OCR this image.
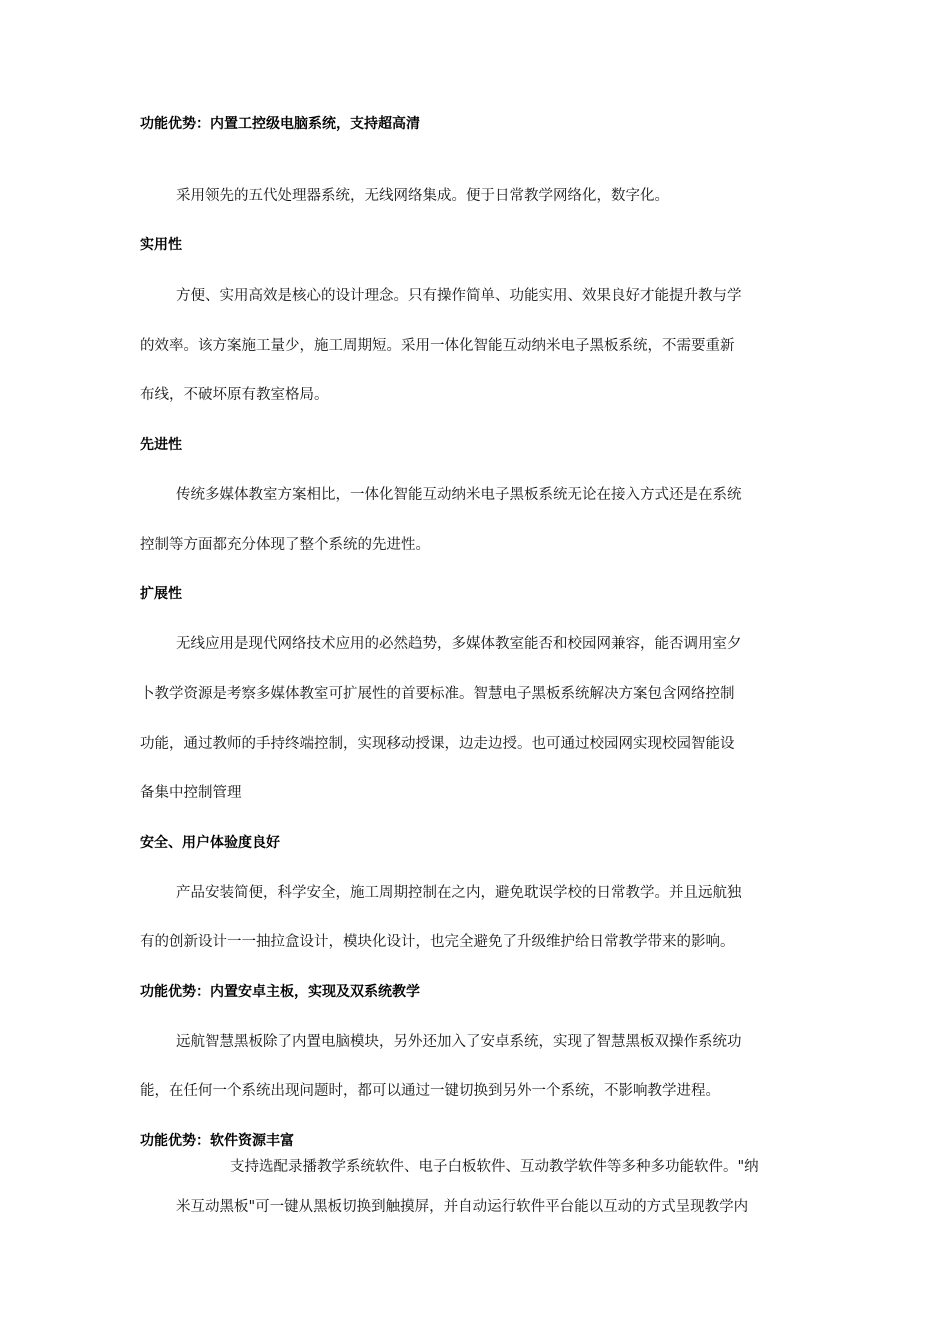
功能优势：内置工控级电脑系统，支持超高清
采用领先的五代处理器系统，无线网络集成。便于日常教学网络化，数字化。
实用性
方便、实用高效是核心的设计理念。只有操作简单、功能实用、效果良好才能提升教与学
的效率。该方案施工量少，施工周期短。采用一体化智能互动纳米电子黑板系统，不需要重新
布线，不破坏原有教室格局。
先进性
传统多媒体教室方案相比，一体化智能互动纳米电子黑板系统无论在接入方式还是在系统
控制等方面都充分体现了整个系统的先进性。
扩展性
无线应用是现代网络技术应用的必然趋势，多媒体教室能否和校园网兼容，能否调用室夕
卜教学资源是考察多媒体教室可扩展性的首要标准。智慧电子黑板系统解决方案包含网络控制
功能，通过教师的手持终端控制，实现移动授课，边走边授。也可通过校园网实现校园智能设
备集中控制管理
安全、用户体验度良好
产品安装简便，科学安全，施工周期控制在之内，避免耽误学校的日常教学。并且远航独
有的创新设计一一抽拉盒设计，模块化设计，也完全避免了升级维护给日常教学带来的影响。
功能优势：内置安卓主板，实现及双系统教学
远航智慧黑板除了内置电脑模块，另外还加入了安卓系统，实现了智慧黑板双操作系统功
能，在任何一个系统出现问题时，都可以通过一键切换到另外一个系统，不影响教学进程。
功能优势：软件资源丰富
支持选配录播教学系统软件、电子白板软件、互动教学软件等多种多功能软件。"纳
米互动黑板"可一键从黑板切换到触摸屏，并自动运行软件平台能以互动的方式呈现教学内
